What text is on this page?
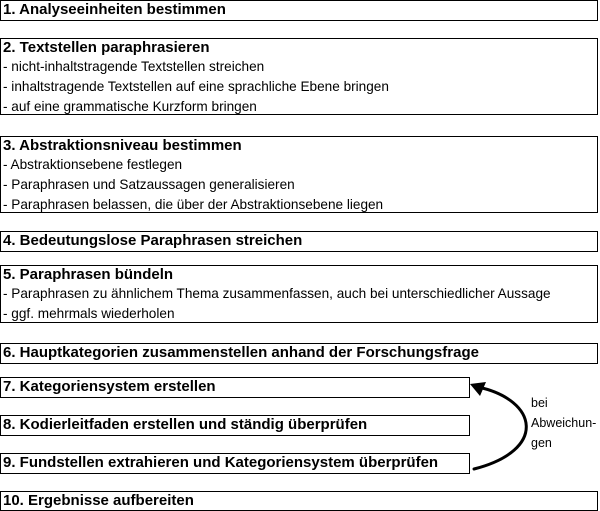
1. Analyseeinheiten bestimmen
2. Textstellen paraphrasieren
- nicht-inhaltstragende Textstellen streichen
- inhaltstragende Textstellen auf eine sprachliche Ebene bringen
- auf eine grammatische Kurzform bringen
3. Abstraktionsniveau bestimmen
- Abstraktionsebene festlegen
- Paraphrasen und Satzaussagen generalisieren
- Paraphrasen belassen, die über der Abstraktionsebene liegen
4. Bedeutungslose Paraphrasen streichen
5. Paraphrasen bündeln
- Paraphrasen zu ähnlichem Thema zusammenfassen, auch bei unterschiedlicher Aussage
- ggf. mehrmals wiederholen
6. Hauptkategorien zusammenstellen anhand der Forschungsfrage
7. Kategoriensystem erstellen
8. Kodierleitfaden erstellen und ständig überprüfen
9. Fundstellen extrahieren und Kategoriensystem überprüfen
10. Ergebnisse aufbereiten
bei
Abweichun-
gen
